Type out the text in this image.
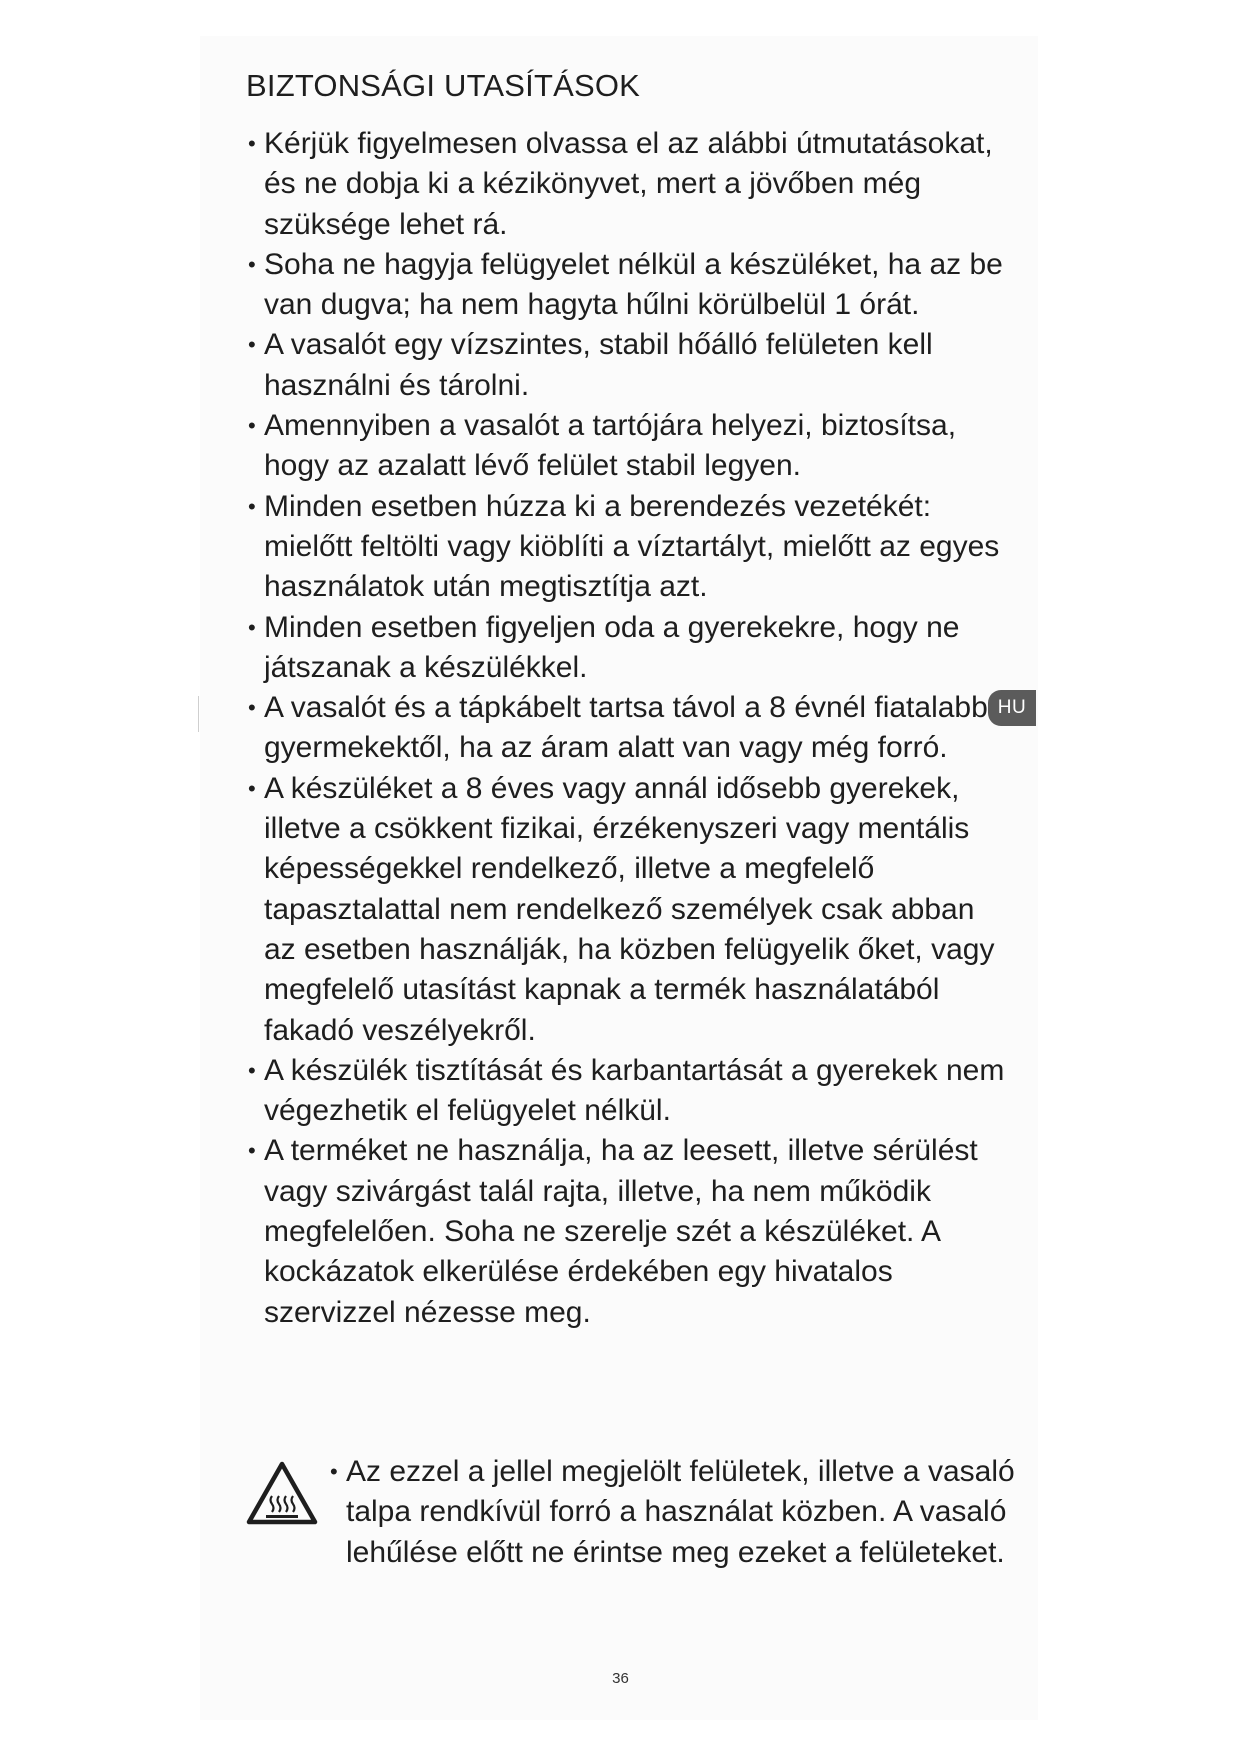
BIZTONSÁGI UTASÍTÁSOK
• Kérjük figyelmesen olvassa el az alábbi útmutatásokat, és ne dobja ki a kézikönyvet, mert a jövőben még szüksége lehet rá.
• Soha ne hagyja felügyelet nélkül a készüléket, ha az be van dugva; ha nem hagyta hűlni körülbelül 1 órát.
• A vasalót egy vízszintes, stabil hőálló felületen kell használni és tárolni.
• Amennyiben a vasalót a tartójára helyezi, biztosítsa, hogy az azalatt lévő felület stabil legyen.
• Minden esetben húzza ki a berendezés vezetékét: mielőtt feltölti vagy kiöblíti a víztartályt, mielőtt az egyes használatok után megtisztítja azt.
• Minden esetben figyeljen oda a gyerekekre, hogy ne játszanak a készülékkel.
• A vasalót és a tápkábelt tartsa távol a 8 évnél fiatalabb gyermekektől, ha az áram alatt van vagy még forró.
• A készüléket a 8 éves vagy annál idősebb gyerekek, illetve a csökkent fizikai, érzékenyszeri vagy mentális képességekkel rendelkező, illetve a megfelelő tapasztalattal nem rendelkező személyek csak abban az esetben használják, ha közben felügyelik őket, vagy megfelelő utasítást kapnak a termék használatából fakadó veszélyekről.
• A készülék tisztítását és karbantartását a gyerekek nem végezhetik el felügyelet nélkül.
• A terméket ne használja, ha az leesett, illetve sérülést vagy szivárgást talál rajta, illetve, ha nem működik megfelelően. Soha ne szerelje szét a készüléket. A kockázatok elkerülése érdekében egy hivatalos szervizzel nézesse meg.
• Az ezzel a jellel megjelölt felületek, illetve a vasaló talpa rendkívül forró a használat közben. A vasaló lehűlése előtt ne érintse meg ezeket a felületeket.
HU
36
